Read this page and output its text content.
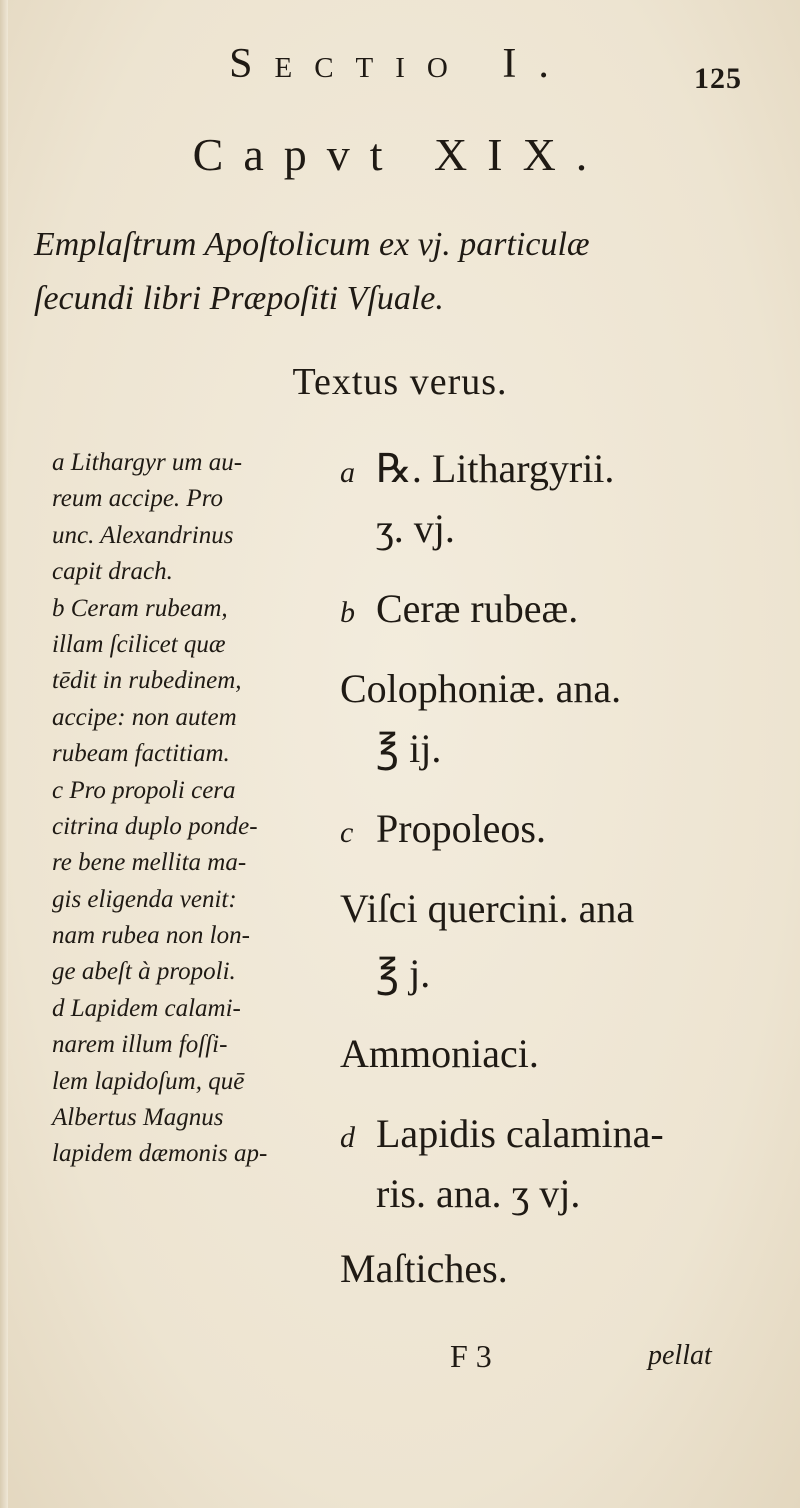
Sectio I.	125
Capvt XIX.
Emplaſtrum Apoſtolicum ex vj. particulæ
ſecundi libri Præpoſiti Vſuale.
Textus verus.
a Lithargyr um au-
reum accipe. Pro
unc. Alexandrinus
capit drach.
b Ceram rubeam,
illam ſcilicet quæ
tēdit in rubedinem,
accipe: non autem
rubeam factitiam.
c Pro propoli cera
citrina duplo ponde-
re bene mellita ma-
gis eligenda venit:
nam rubea non lon-
ge abeſt à propoli.
d Lapidem calami-
narem illum foſſi-
lem lapidoſum, quē
Albertus Magnus
lapidem dæmonis ap-
a ℞. Lithargyrii.
ʒ. vj.
b Ceræ rubeæ.
Colophoniæ. ana.
℥ ij.
c Propoleos.
Viſci quercini. ana
℥ j.
Ammoniaci.
d Lapidis calamina-
ris. ana. ʒ vj.
Maſtiches.
F 3	pellat
